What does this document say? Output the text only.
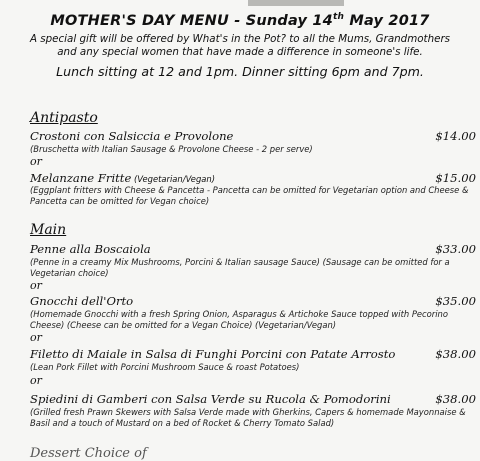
MOTHER'S DAY MENU - Sunday 14th May 2017

A special gift will be offered by What's in the Pot? to all the Mums, Grandmothers and any special women that have made a difference in someone's life.

Lunch sitting at 12 and 1pm. Dinner sitting 6pm and 7pm.

Antipasto

Crostoni con Salsiccia e Provolone	$14.00
(Bruschetta with Italian Sausage & Provolone Cheese - 2 per serve)
or
Melanzane Fritte (Vegetarian/Vegan)	$15.00
(Eggplant fritters with Cheese & Pancetta - Pancetta can be omitted for Vegetarian option and Cheese & Pancetta can be omitted for Vegan choice)

Main

Penne alla Boscaiola	$33.00
(Penne in a creamy Mix Mushrooms, Porcini & Italian sausage Sauce) (Sausage can be omitted for a Vegetarian choice)
or
Gnocchi dell'Orto	$35.00
(Homemade Gnocchi with a fresh Spring Onion, Asparagus & Artichoke Sauce topped with Pecorino Cheese) (Cheese can be omitted for a Vegan Choice) (Vegetarian/Vegan)
or
Filetto di Maiale in Salsa di Funghi Porcini con Patate Arrosto	$38.00
(Lean Pork Fillet with Porcini Mushroom Sauce & roast Potatoes)
or
Spiedini di Gamberi con Salsa Verde su Rucola & Pomodorini	$38.00
(Grilled fresh Prawn Skewers with Salsa Verde made with Gherkins, Capers & homemade Mayonnaise & Basil and a touch of Mustard on a bed of Rocket & Cherry Tomato Salad)
Dessert Choice of
